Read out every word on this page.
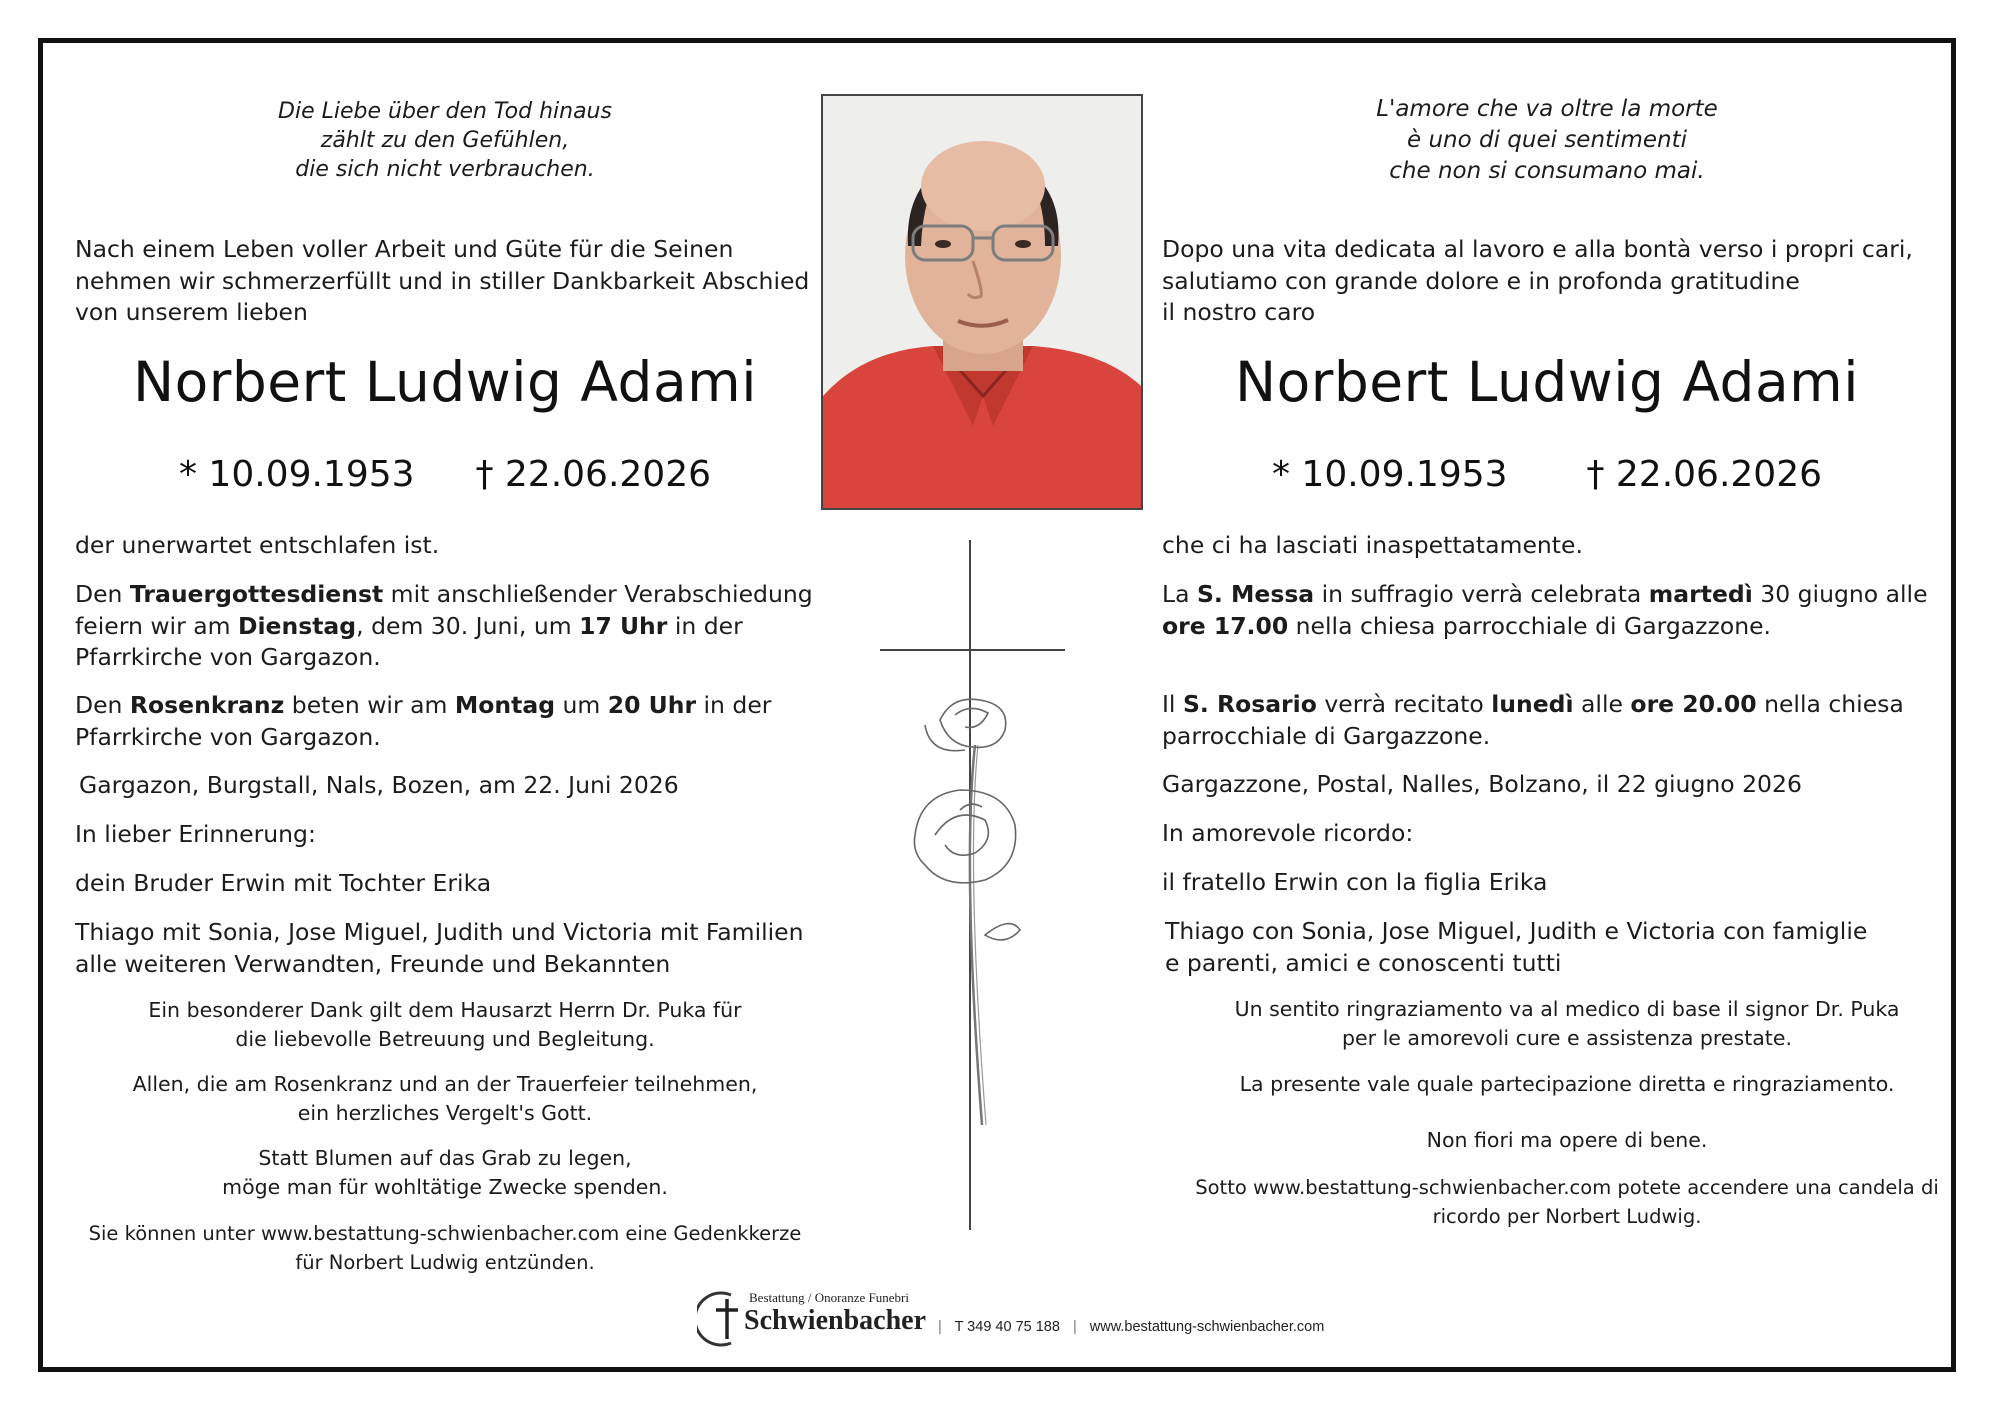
Die Liebe über den Tod hinaus
zählt zu den Gefühlen,
die sich nicht verbrauchen.
Nach einem Leben voller Arbeit und Güte für die Seinen
nehmen wir schmerzerfüllt und in stiller Dankbarkeit Abschied
von unserem lieben
Norbert Ludwig Adami
* 10.09.1953 † 22.06.2026
der unerwartet entschlafen ist.
Den Trauergottesdienst mit anschließender Verabschiedung
feiern wir am Dienstag, dem 30. Juni, um 17 Uhr in der
Pfarrkirche von Gargazon.
Den Rosenkranz beten wir am Montag um 20 Uhr in der
Pfarrkirche von Gargazon.
Gargazon, Burgstall, Nals, Bozen, am 22. Juni 2026
In lieber Erinnerung:
dein Bruder Erwin mit Tochter Erika
Thiago mit Sonia, Jose Miguel, Judith und Victoria mit Familien
alle weiteren Verwandten, Freunde und Bekannten
Ein besonderer Dank gilt dem Hausarzt Herrn Dr. Puka für
die liebevolle Betreuung und Begleitung.
Allen, die am Rosenkranz und an der Trauerfeier teilnehmen,
ein herzliches Vergelt's Gott.
Statt Blumen auf das Grab zu legen,
möge man für wohltätige Zwecke spenden.
Sie können unter www.bestattung-schwienbacher.com eine Gedenkkerze
für Norbert Ludwig entzünden.
L'amore che va oltre la morte
è uno di quei sentimenti
che non si consumano mai.
Dopo una vita dedicata al lavoro e alla bontà verso i propri cari,
salutiamo con grande dolore e in profonda gratitudine
il nostro caro
Norbert Ludwig Adami
* 10.09.1953 † 22.06.2026
che ci ha lasciati inaspettatamente.
La S. Messa in suffragio verrà celebrata martedì 30 giugno alle
ore 17.00 nella chiesa parrocchiale di Gargazzone.
Il S. Rosario verrà recitato lunedì alle ore 20.00 nella chiesa
parrocchiale di Gargazzone.
Gargazzone, Postal, Nalles, Bolzano, il 22 giugno 2026
In amorevole ricordo:
il fratello Erwin con la figlia Erika
Thiago con Sonia, Jose Miguel, Judith e Victoria con famiglie
e parenti, amici e conoscenti tutti
Un sentito ringraziamento va al medico di base il signor Dr. Puka
per le amorevoli cure e assistenza prestate.
La presente vale quale partecipazione diretta e ringraziamento.
Non fiori ma opere di bene.
Sotto www.bestattung-schwienbacher.com potete accendere una candela di
ricordo per Norbert Ludwig.
Bestattung / Onoranze Funebri
Schwienbacher | T 349 40 75 188 | www.bestattung-schwienbacher.com
